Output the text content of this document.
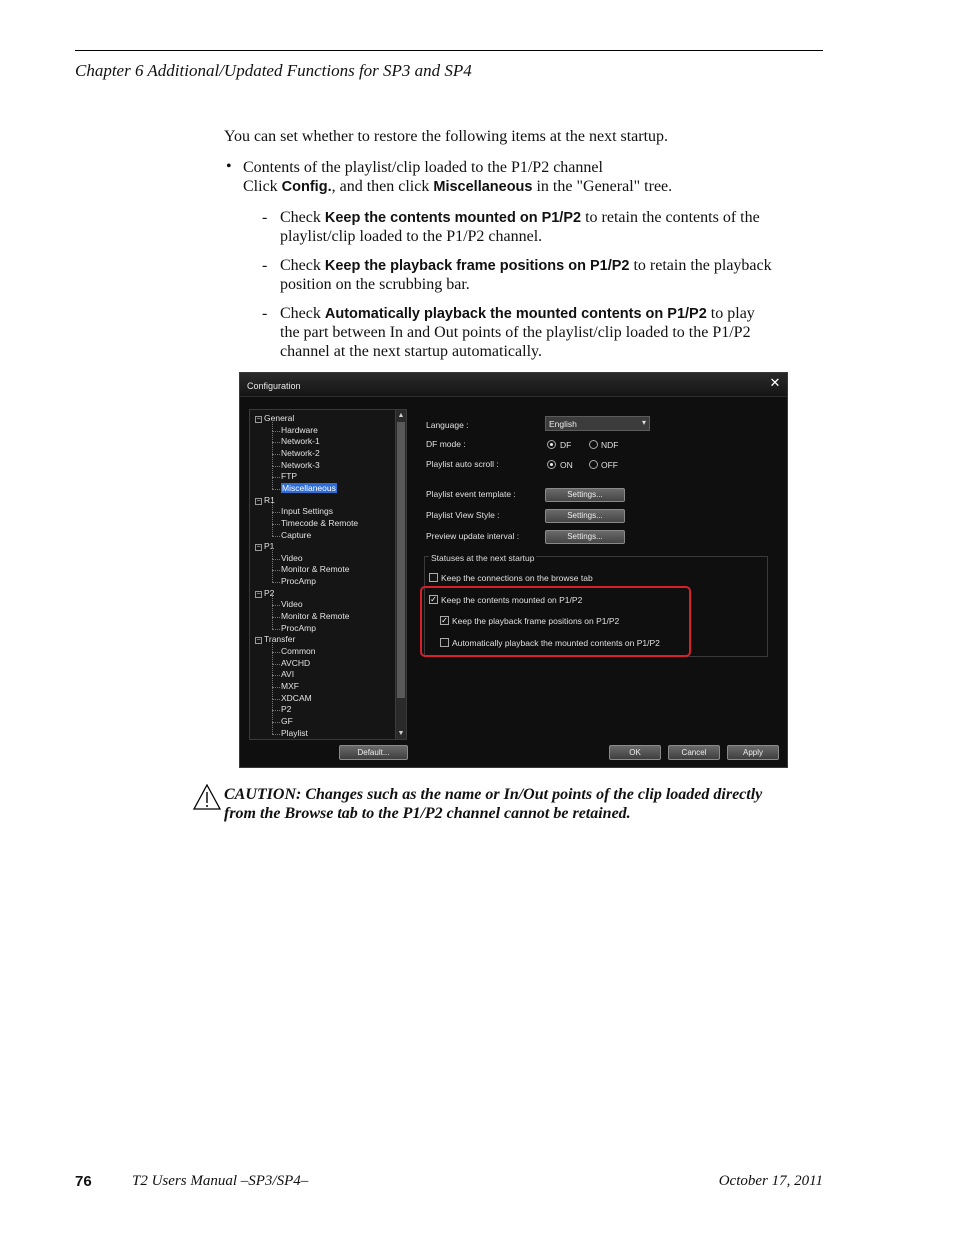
Chapter 6 Additional/Updated Functions for SP3 and SP4
You can set whether to restore the following items at the next startup.
• Contents of the playlist/clip loaded to the P1/P2 channel
Click Config., and then click Miscellaneous in the "General" tree.
- Check Keep the contents mounted on P1/P2 to retain the contents of the
playlist/clip loaded to the P1/P2 channel.
- Check Keep the playback frame positions on P1/P2 to retain the playback
position on the scrubbing bar.
- Check Automatically playback the mounted contents on P1/P2 to play
the part between In and Out points of the playlist/clip loaded to the P1/P2
channel at the next startup automatically.
Configuration	✕
− General
Hardware
Network-1
Network-2
Network-3
FTP
Miscellaneous
− R1
Input Settings
Timecode & Remote
Capture
− P1
Video
Monitor & Remote
ProcAmp
− P2
Video
Monitor & Remote
ProcAmp
− Transfer
Common
AVCHD
AVI
MXF
XDCAM
P2
GF
Playlist
▲
▼
Language :	English	▾
DF mode :	DF	NDF
Playlist auto scroll :	ON	OFF
Playlist event template :	Settings...
Playlist View Style :	Settings...
Preview update interval :	Settings...
Statuses at the next startup
Keep the connections on the browse tab
✓ Keep the contents mounted on P1/P2
✓ Keep the playback frame positions on P1/P2
Automatically playback the mounted contents on P1/P2
Default...	OK	Cancel	Apply
CAUTION: Changes such as the name or In/Out points of the clip loaded directly
from the Browse tab to the P1/P2 channel cannot be retained.
76	T2 Users Manual –SP3/SP4–	October 17, 2011
